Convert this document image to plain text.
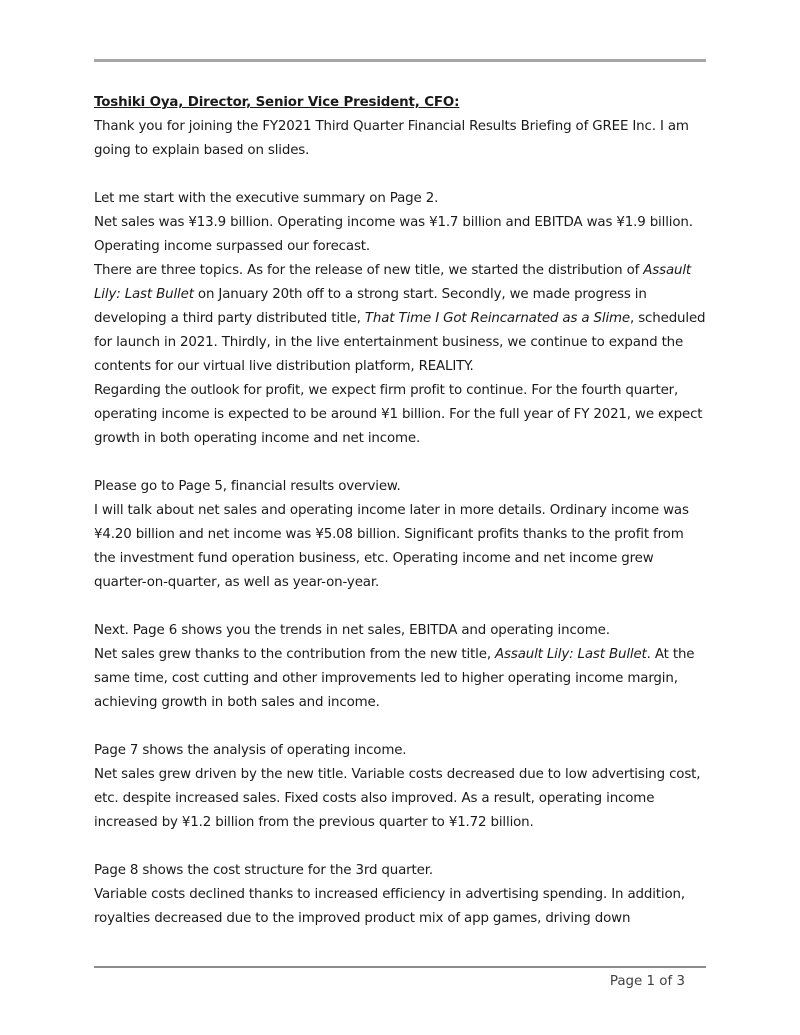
Toshiki Oya, Director, Senior Vice President, CFO:

Thank you for joining the FY2021 Third Quarter Financial Results Briefing of GREE Inc. I am going to explain based on slides.

Let me start with the executive summary on Page 2.

Net sales was ¥13.9 billion. Operating income was ¥1.7 billion and EBITDA was ¥1.9 billion. Operating income surpassed our forecast.

There are three topics. As for the release of new title, we started the distribution of Assault Lily: Last Bullet on January 20th off to a strong start. Secondly, we made progress in developing a third party distributed title, That Time I Got Reincarnated as a Slime, scheduled for launch in 2021. Thirdly, in the live entertainment business, we continue to expand the contents for our virtual live distribution platform, REALITY.

Regarding the outlook for profit, we expect firm profit to continue. For the fourth quarter, operating income is expected to be around ¥1 billion. For the full year of FY 2021, we expect growth in both operating income and net income.

Please go to Page 5, financial results overview.

I will talk about net sales and operating income later in more details. Ordinary income was ¥4.20 billion and net income was ¥5.08 billion. Significant profits thanks to the profit from the investment fund operation business, etc. Operating income and net income grew quarter-on-quarter, as well as year-on-year.

Next. Page 6 shows you the trends in net sales, EBITDA and operating income.

Net sales grew thanks to the contribution from the new title, Assault Lily: Last Bullet. At the same time, cost cutting and other improvements led to higher operating income margin, achieving growth in both sales and income.

Page 7 shows the analysis of operating income.

Net sales grew driven by the new title. Variable costs decreased due to low advertising cost, etc. despite increased sales. Fixed costs also improved. As a result, operating income increased by ¥1.2 billion from the previous quarter to ¥1.72 billion.

Page 8 shows the cost structure for the 3rd quarter.

Variable costs declined thanks to increased efficiency in advertising spending. In addition, royalties decreased due to the improved product mix of app games, driving down

Page 1 of 3
